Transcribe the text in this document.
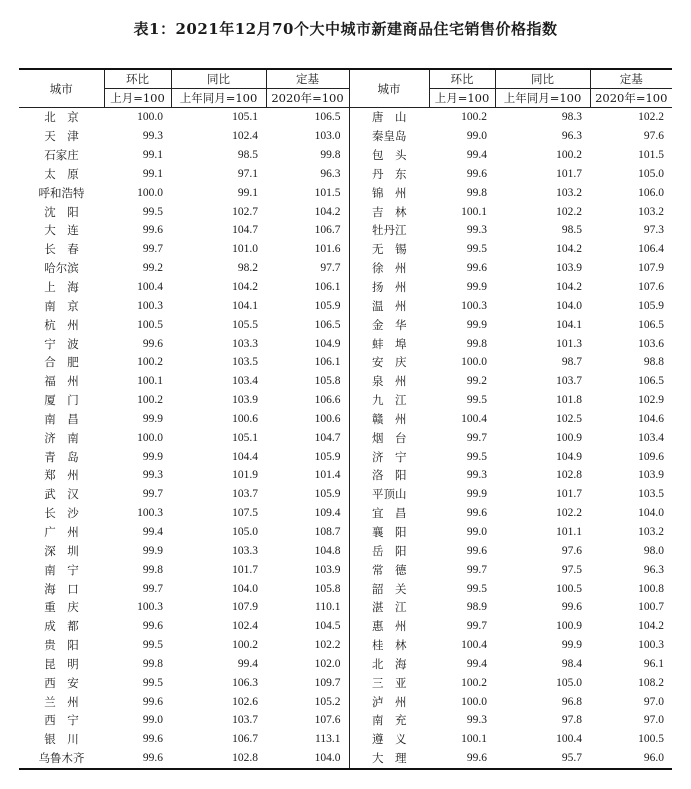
表1：2021年12月70个大中城市新建商品住宅销售价格指数
城市	环比	同比	定基	城市	环比	同比	定基
	上月=100	上年同月=100	2020年=100		上月=100	上年同月=100	2020年=100
北　京	100.0	105.1	106.5	唐　山	100.2	98.3	102.2
天　津	99.3	102.4	103.0	秦皇岛	99.0	96.3	97.6
石家庄	99.1	98.5	99.8	包　头	99.4	100.2	101.5
太　原	99.1	97.1	96.3	丹　东	99.6	101.7	105.0
呼和浩特	100.0	99.1	101.5	锦　州	99.8	103.2	106.0
沈　阳	99.5	102.7	104.2	吉　林	100.1	102.2	103.2
大　连	99.6	104.7	106.7	牡丹江	99.3	98.5	97.3
长　春	99.7	101.0	101.6	无　锡	99.5	104.2	106.4
哈尔滨	99.2	98.2	97.7	徐　州	99.6	103.9	107.9
上　海	100.4	104.2	106.1	扬　州	99.9	104.2	107.6
南　京	100.3	104.1	105.9	温　州	100.3	104.0	105.9
杭　州	100.5	105.5	106.5	金　华	99.9	104.1	106.5
宁　波	99.6	103.3	104.9	蚌　埠	99.8	101.3	103.6
合　肥	100.2	103.5	106.1	安　庆	100.0	98.7	98.8
福　州	100.1	103.4	105.8	泉　州	99.2	103.7	106.5
厦　门	100.2	103.9	106.6	九　江	99.5	101.8	102.9
南　昌	99.9	100.6	100.6	赣　州	100.4	102.5	104.6
济　南	100.0	105.1	104.7	烟　台	99.7	100.9	103.4
青　岛	99.9	104.4	105.9	济　宁	99.5	104.9	109.6
郑　州	99.3	101.9	101.4	洛　阳	99.3	102.8	103.9
武　汉	99.7	103.7	105.9	平顶山	99.9	101.7	103.5
长　沙	100.3	107.5	109.4	宜　昌	99.6	102.2	104.0
广　州	99.4	105.0	108.7	襄　阳	99.0	101.1	103.2
深　圳	99.9	103.3	104.8	岳　阳	99.6	97.6	98.0
南　宁	99.8	101.7	103.9	常　德	99.7	97.5	96.3
海　口	99.7	104.0	105.8	韶　关	99.5	100.5	100.8
重　庆	100.3	107.9	110.1	湛　江	98.9	99.6	100.7
成　都	99.6	102.4	104.5	惠　州	99.7	100.9	104.2
贵　阳	99.5	100.2	102.2	桂　林	100.4	99.9	100.3
昆　明	99.8	99.4	102.0	北　海	99.4	98.4	96.1
西　安	99.5	106.3	109.7	三　亚	100.2	105.0	108.2
兰　州	99.6	102.6	105.2	泸　州	100.0	96.8	97.0
西　宁	99.0	103.7	107.6	南　充	99.3	97.8	97.0
银　川	99.6	106.7	113.1	遵　义	100.1	100.4	100.5
乌鲁木齐	99.6	102.8	104.0	大　理	99.6	95.7	96.0
